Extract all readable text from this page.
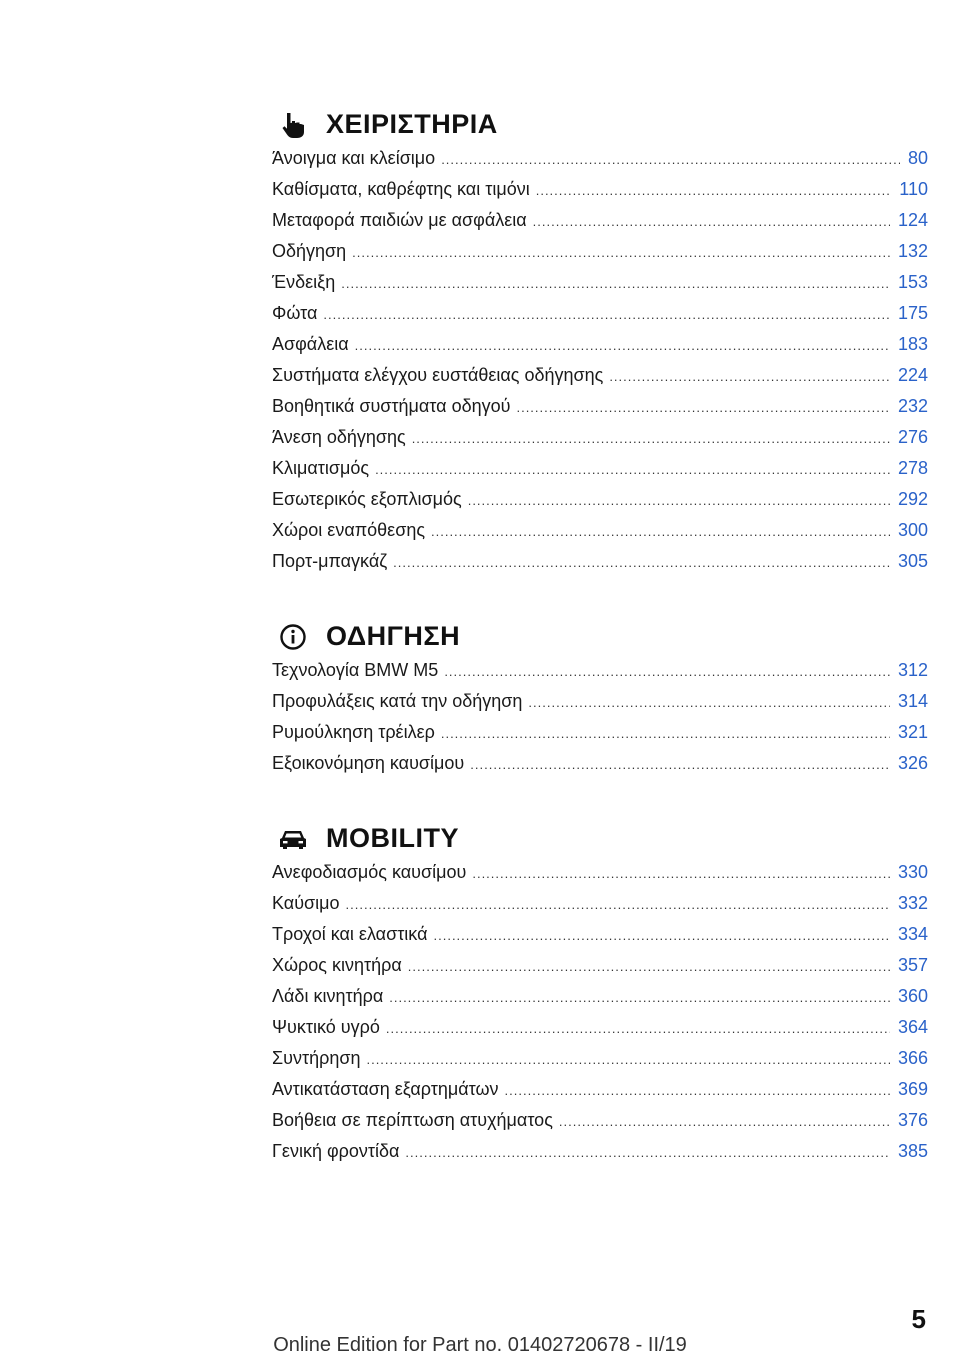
ΧΕΙΡΙΣΤΗΡΙΑ
Άνοιγμα και κλείσιμο .....	80
Καθίσματα, καθρέφτης και τιμόνι .....	110
Μεταφορά παιδιών με ασφάλεια .....	124
Οδήγηση .....	132
Ένδειξη .....	153
Φώτα .....	175
Ασφάλεια .....	183
Συστήματα ελέγχου ευστάθειας οδήγησης .....	224
Βοηθητικά συστήματα οδηγού .....	232
Άνεση οδήγησης .....	276
Κλιματισμός .....	278
Εσωτερικός εξοπλισμός .....	292
Χώροι εναπόθεσης .....	300
Πορτ-μπαγκάζ .....	305
ΟΔΗΓΗΣΗ
Τεχνολογία BMW M5 .....	312
Προφυλάξεις κατά την οδήγηση .....	314
Ρυμούλκηση τρέιλερ .....	321
Εξοικονόμηση καυσίμου .....	326
MOBILITY
Ανεφοδιασμός καυσίμου .....	330
Καύσιμο .....	332
Τροχοί και ελαστικά .....	334
Χώρος κινητήρα .....	357
Λάδι κινητήρα .....	360
Ψυκτικό υγρό .....	364
Συντήρηση .....	366
Αντικατάσταση εξαρτημάτων .....	369
Βοήθεια σε περίπτωση ατυχήματος .....	376
Γενική φροντίδα .....	385
5
Online Edition for Part no. 01402720678 - II/19
